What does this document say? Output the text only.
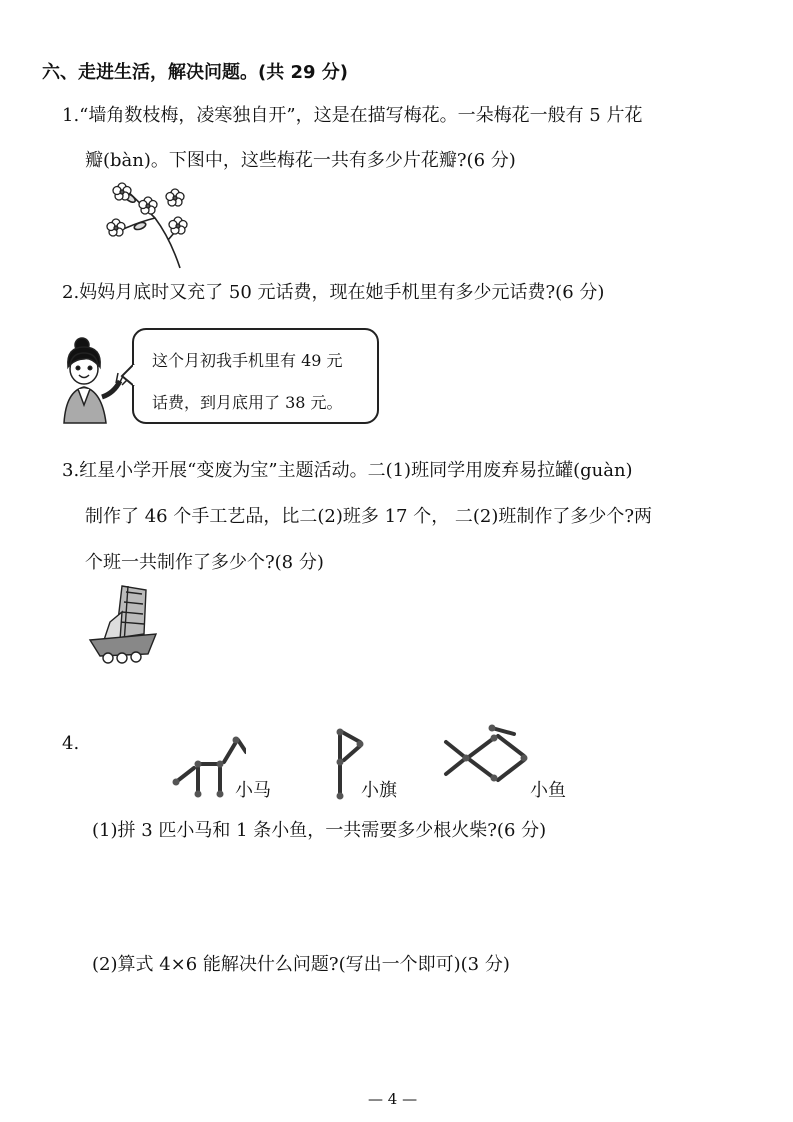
六、走进生活，解决问题。(共 29 分)
1.“墙角数枝梅，凌寒独自开”，这是在描写梅花。一朵梅花一般有 5 片花
瓣(bàn)。下图中，这些梅花一共有多少片花瓣?(6 分)
2.妈妈月底时又充了 50 元话费，现在她手机里有多少元话费?(6 分)
这个月初我手机里有 49 元
话费，到月底用了 38 元。
3.红星小学开展“变废为宝”主题活动。二(1)班同学用废弃易拉罐(guàn)
制作了 46 个手工艺品，比二(2)班多 17 个， 二(2)班制作了多少个?两
个班一共制作了多少个?(8 分)
4.
小马	小旗	小鱼
(1)拼 3 匹小马和 1 条小鱼，一共需要多少根火柴?(6 分)
(2)算式 4×6 能解决什么问题?(写出一个即可)(3 分)
— 4 —
